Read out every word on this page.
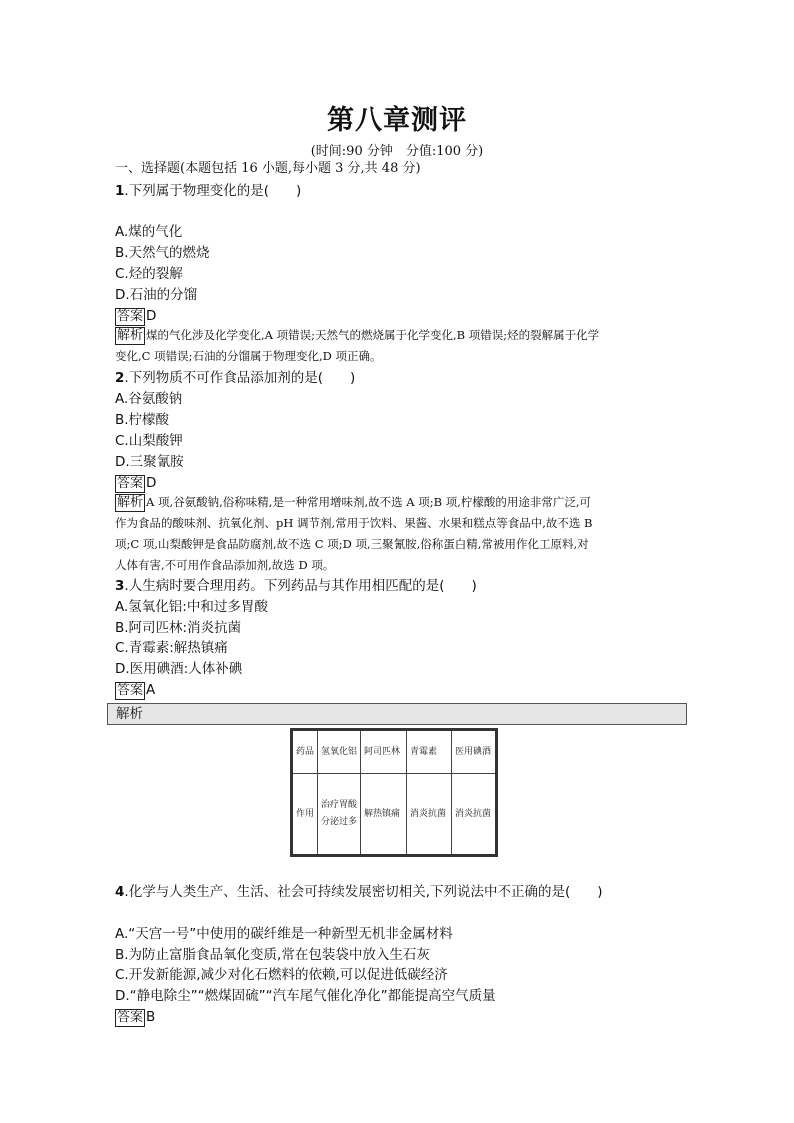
第八章测评
(时间:90 分钟　分值:100 分)
一、选择题(本题包括 16 小题,每小题 3 分,共 48 分)
1.下列属于物理变化的是(　　)
A.煤的气化
B.天然气的燃烧
C.烃的裂解
D.石油的分馏
答案 D
解析 煤的气化涉及化学变化,A 项错误;天然气的燃烧属于化学变化,B 项错误;烃的裂解属于化学
变化,C 项错误;石油的分馏属于物理变化,D 项正确。
2.下列物质不可作食品添加剂的是(　　)
A.谷氨酸钠
B.柠檬酸
C.山梨酸钾
D.三聚氰胺
答案 D
解析 A 项,谷氨酸钠,俗称味精,是一种常用增味剂,故不选 A 项;B 项,柠檬酸的用途非常广泛,可
作为食品的酸味剂、抗氧化剂、pH 调节剂,常用于饮料、果酱、水果和糕点等食品中,故不选 B
项;C 项,山梨酸钾是食品防腐剂,故不选 C 项;D 项,三聚氰胺,俗称蛋白精,常被用作化工原料,对
人体有害,不可用作食品添加剂,故选 D 项。
3.人生病时要合理用药。下列药品与其作用相匹配的是(　　)
A.氢氧化铝:中和过多胃酸
B.阿司匹林:消炎抗菌
C.青霉素:解热镇痛
D.医用碘酒:人体补碘
答案 A
解析
药品	氢氧化铝	阿司匹林	青霉素	医用碘酒
作用	治疗胃酸分泌过多	解热镇痛	消炎抗菌	消炎抗菌
4.化学与人类生产、生活、社会可持续发展密切相关,下列说法中不正确的是(　　)
A.“天宫一号”中使用的碳纤维是一种新型无机非金属材料
B.为防止富脂食品氧化变质,常在包装袋中放入生石灰
C.开发新能源,减少对化石燃料的依赖,可以促进低碳经济
D.“静电除尘”“燃煤固硫”“汽车尾气催化净化”都能提高空气质量
答案 B
